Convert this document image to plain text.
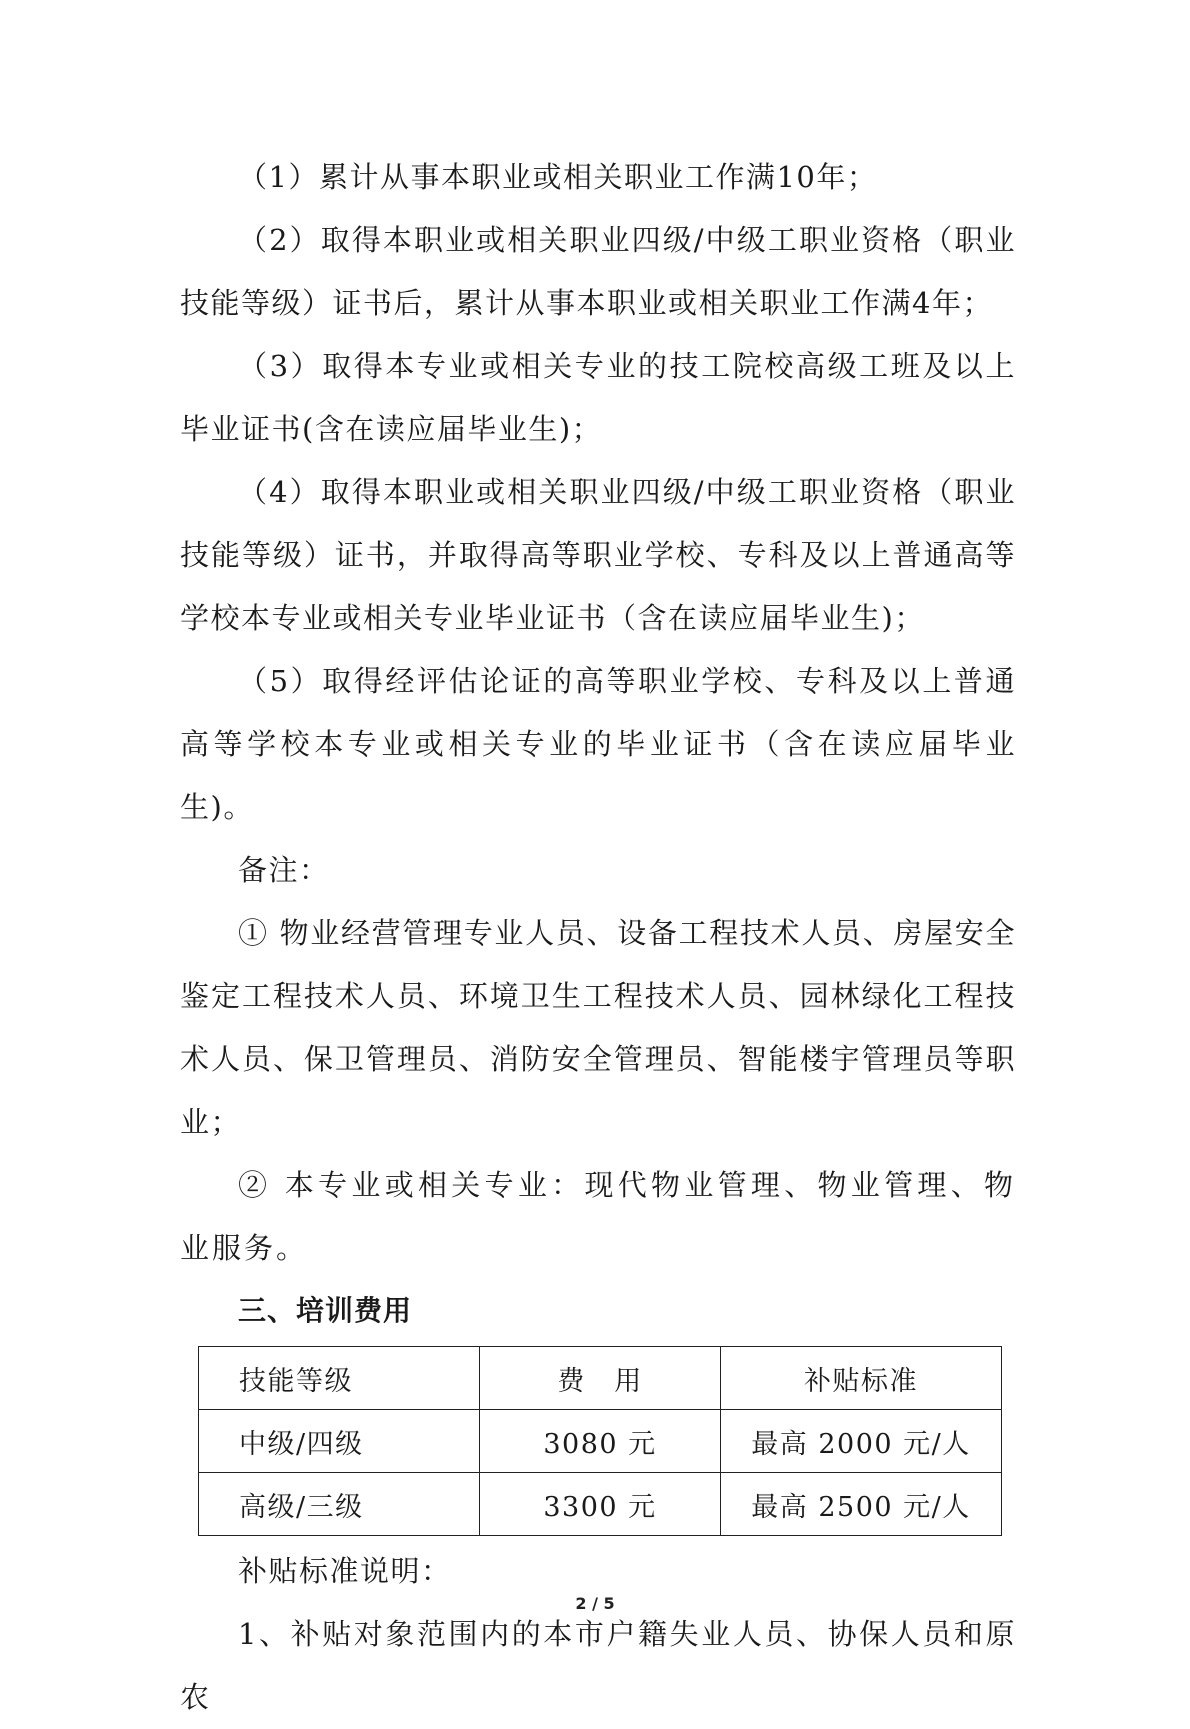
（1）累计从事本职业或相关职业工作满10年；

（2）取得本职业或相关职业四级/中级工职业资格（职业技能等级）证书后，累计从事本职业或相关职业工作满4年；

（3）取得本专业或相关专业的技工院校高级工班及以上毕业证书(含在读应届毕业生)；

（4）取得本职业或相关职业四级/中级工职业资格（职业技能等级）证书，并取得高等职业学校、专科及以上普通高等学校本专业或相关专业毕业证书（含在读应届毕业生)；

（5）取得经评估论证的高等职业学校、专科及以上普通高等学校本专业或相关专业的毕业证书（含在读应届毕业生)。

备注：

① 物业经营管理专业人员、设备工程技术人员、房屋安全鉴定工程技术人员、环境卫生工程技术人员、园林绿化工程技术人员、保卫管理员、消防安全管理员、智能楼宇管理员等职业；

② 本专业或相关专业：现代物业管理、物业管理、物业服务。

三、培训费用

技能等级	费　用	补贴标准
中级/四级	3080 元	最高 2000 元/人
高级/三级	3300 元	最高 2500 元/人

补贴标准说明：

1、补贴对象范围内的本市户籍失业人员、协保人员和原农

2 / 5
